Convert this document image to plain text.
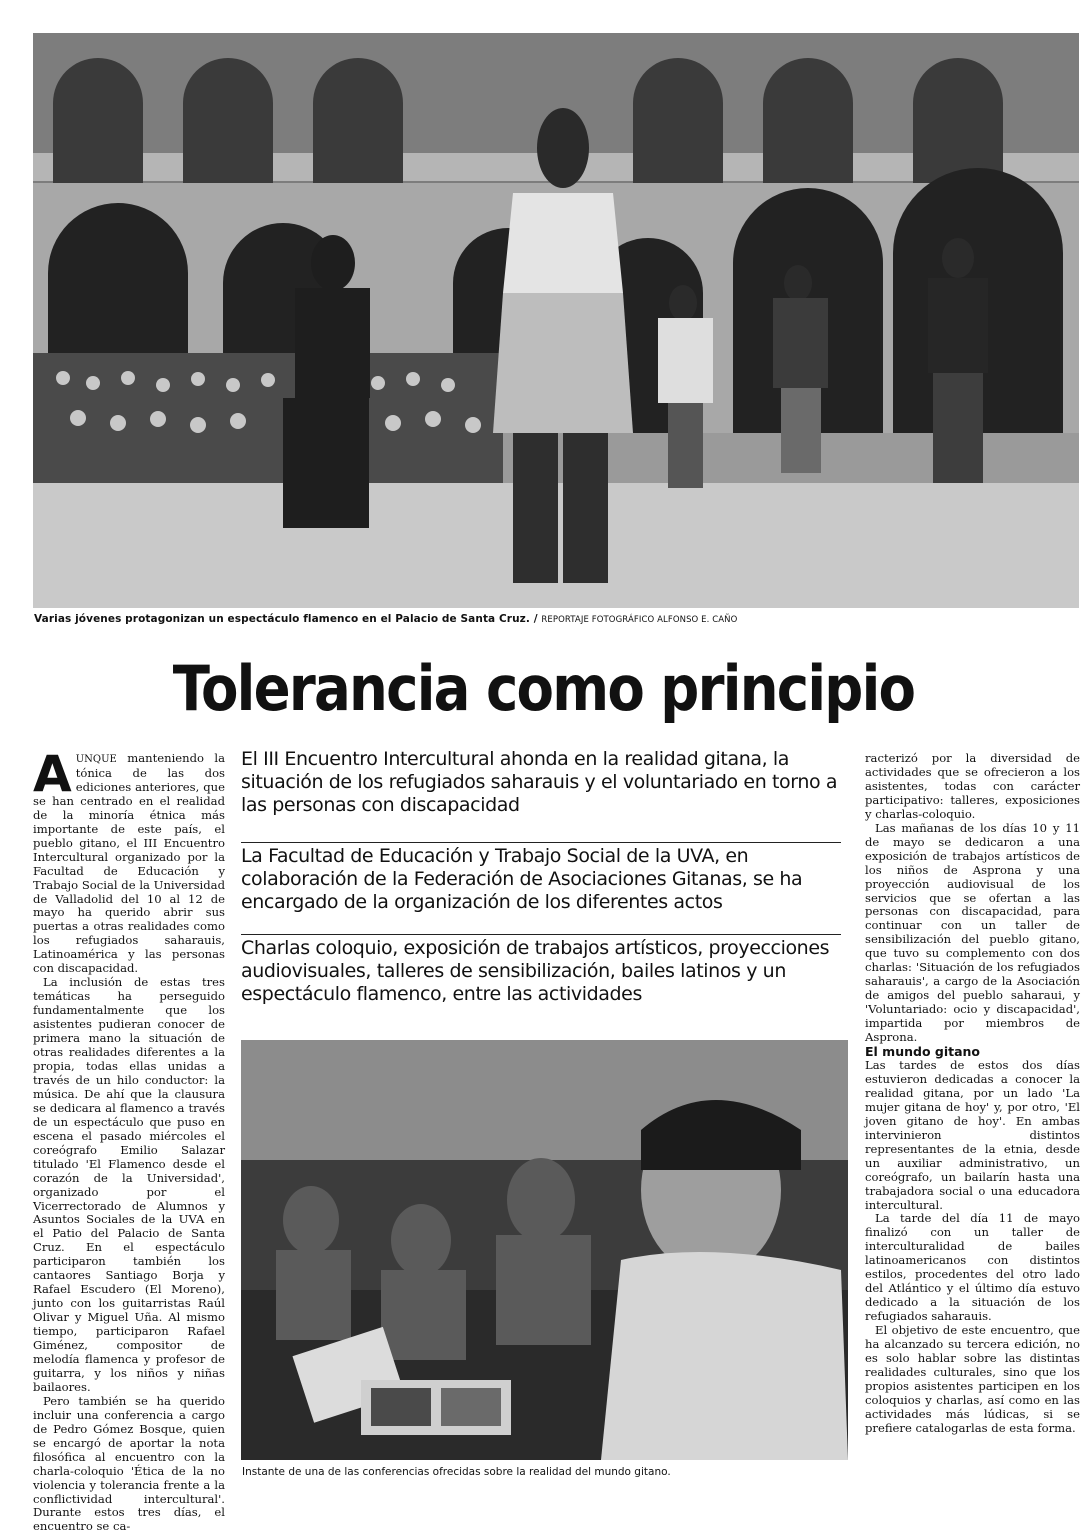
Varias jóvenes protagonizan un espectáculo flamenco en el Palacio de Santa Cruz. / REPORTAJE FOTOGRÁFICO ALFONSO E. CAÑO
Tolerancia como principio

AUNQUE manteniendo la tónica de las dos ediciones anteriores, que se han centrado en el realidad de la minoría étnica más importante de este país, el pueblo gitano, el III Encuentro Intercultural organizado por la Facultad de Educación y Trabajo Social de la Universidad de Valladolid del 10 al 12 de mayo ha querido abrir sus puertas a otras realidades como los refugiados saharauis, Latinoamérica y las personas con discapacidad.

La inclusión de estas tres temáticas ha perseguido fundamentalmente que los asistentes pudieran conocer de primera mano la situación de otras realidades diferentes a la propia, todas ellas unidas a través de un hilo conductor: la música. De ahí que la clausura se dedicara al flamenco a través de un espectáculo que puso en escena el pasado miércoles el coreógrafo Emilio Salazar titulado 'El Flamenco desde el corazón de la Universidad', organizado por el Vicerrectorado de Alumnos y Asuntos Sociales de la UVA en el Patio del Palacio de Santa Cruz. En el espectáculo participaron también los cantaores Santiago Borja y Rafael Escudero (El Moreno), junto con los guitarristas Raúl Olivar y Miguel Uña. Al mismo tiempo, participaron Rafael Giménez, compositor de melodía flamenca y profesor de guitarra, y los niños y niñas bailaores.

Pero también se ha querido incluir una conferencia a cargo de Pedro Gómez Bosque, quien se encargó de aportar la nota filosófica al encuentro con la charla-coloquio 'Ética de la no violencia y tolerancia frente a la conflictividad intercultural'. Durante estos tres días, el encuentro se ca-

El III Encuentro Intercultural ahonda en la realidad gitana, la situación de los refugiados saharauis y el voluntariado en torno a las personas con discapacidad
La Facultad de Educación y Trabajo Social de la UVA, en colaboración de la Federación de Asociaciones Gitanas, se ha encargado de la organización de los diferentes actos
Charlas coloquio, exposición de trabajos artísticos, proyecciones audiovisuales, talleres de sensibilización, bailes latinos y un espectáculo flamenco, entre las actividades
Instante de una de las conferencias ofrecidas sobre la realidad del mundo gitano.

racterizó por la diversidad de actividades que se ofrecieron a los asistentes, todas con carácter participativo: talleres, exposiciones y charlas-coloquio.

Las mañanas de los días 10 y 11 de mayo se dedicaron a una exposición de trabajos artísticos de los niños de Asprona y una proyección audiovisual de los servicios que se ofertan a las personas con discapacidad, para continuar con un taller de sensibilización del pueblo gitano, que tuvo su complemento con dos charlas: 'Situación de los refugiados saharauis', a cargo de la Asociación de amigos del pueblo saharaui, y 'Voluntariado: ocio y discapacidad', impartida por miembros de Asprona.

El mundo gitano

Las tardes de estos dos días estuvieron dedicadas a conocer la realidad gitana, por un lado 'La mujer gitana de hoy' y, por otro, 'El joven gitano de hoy'. En ambas intervinieron distintos representantes de la etnia, desde un auxiliar administrativo, un coreógrafo, un bailarín hasta una trabajadora social o una educadora intercultural.

La tarde del día 11 de mayo finalizó con un taller de interculturalidad de bailes latinoamericanos con distintos estilos, procedentes del otro lado del Atlántico y el último día estuvo dedicado a la situación de los refugiados saharauis.

El objetivo de este encuentro, que ha alcanzado su tercera edición, no es solo hablar sobre las distintas realidades culturales, sino que los propios asistentes participen en los coloquios y charlas, así como en las actividades más lúdicas, si se prefiere catalogarlas de esta forma.
